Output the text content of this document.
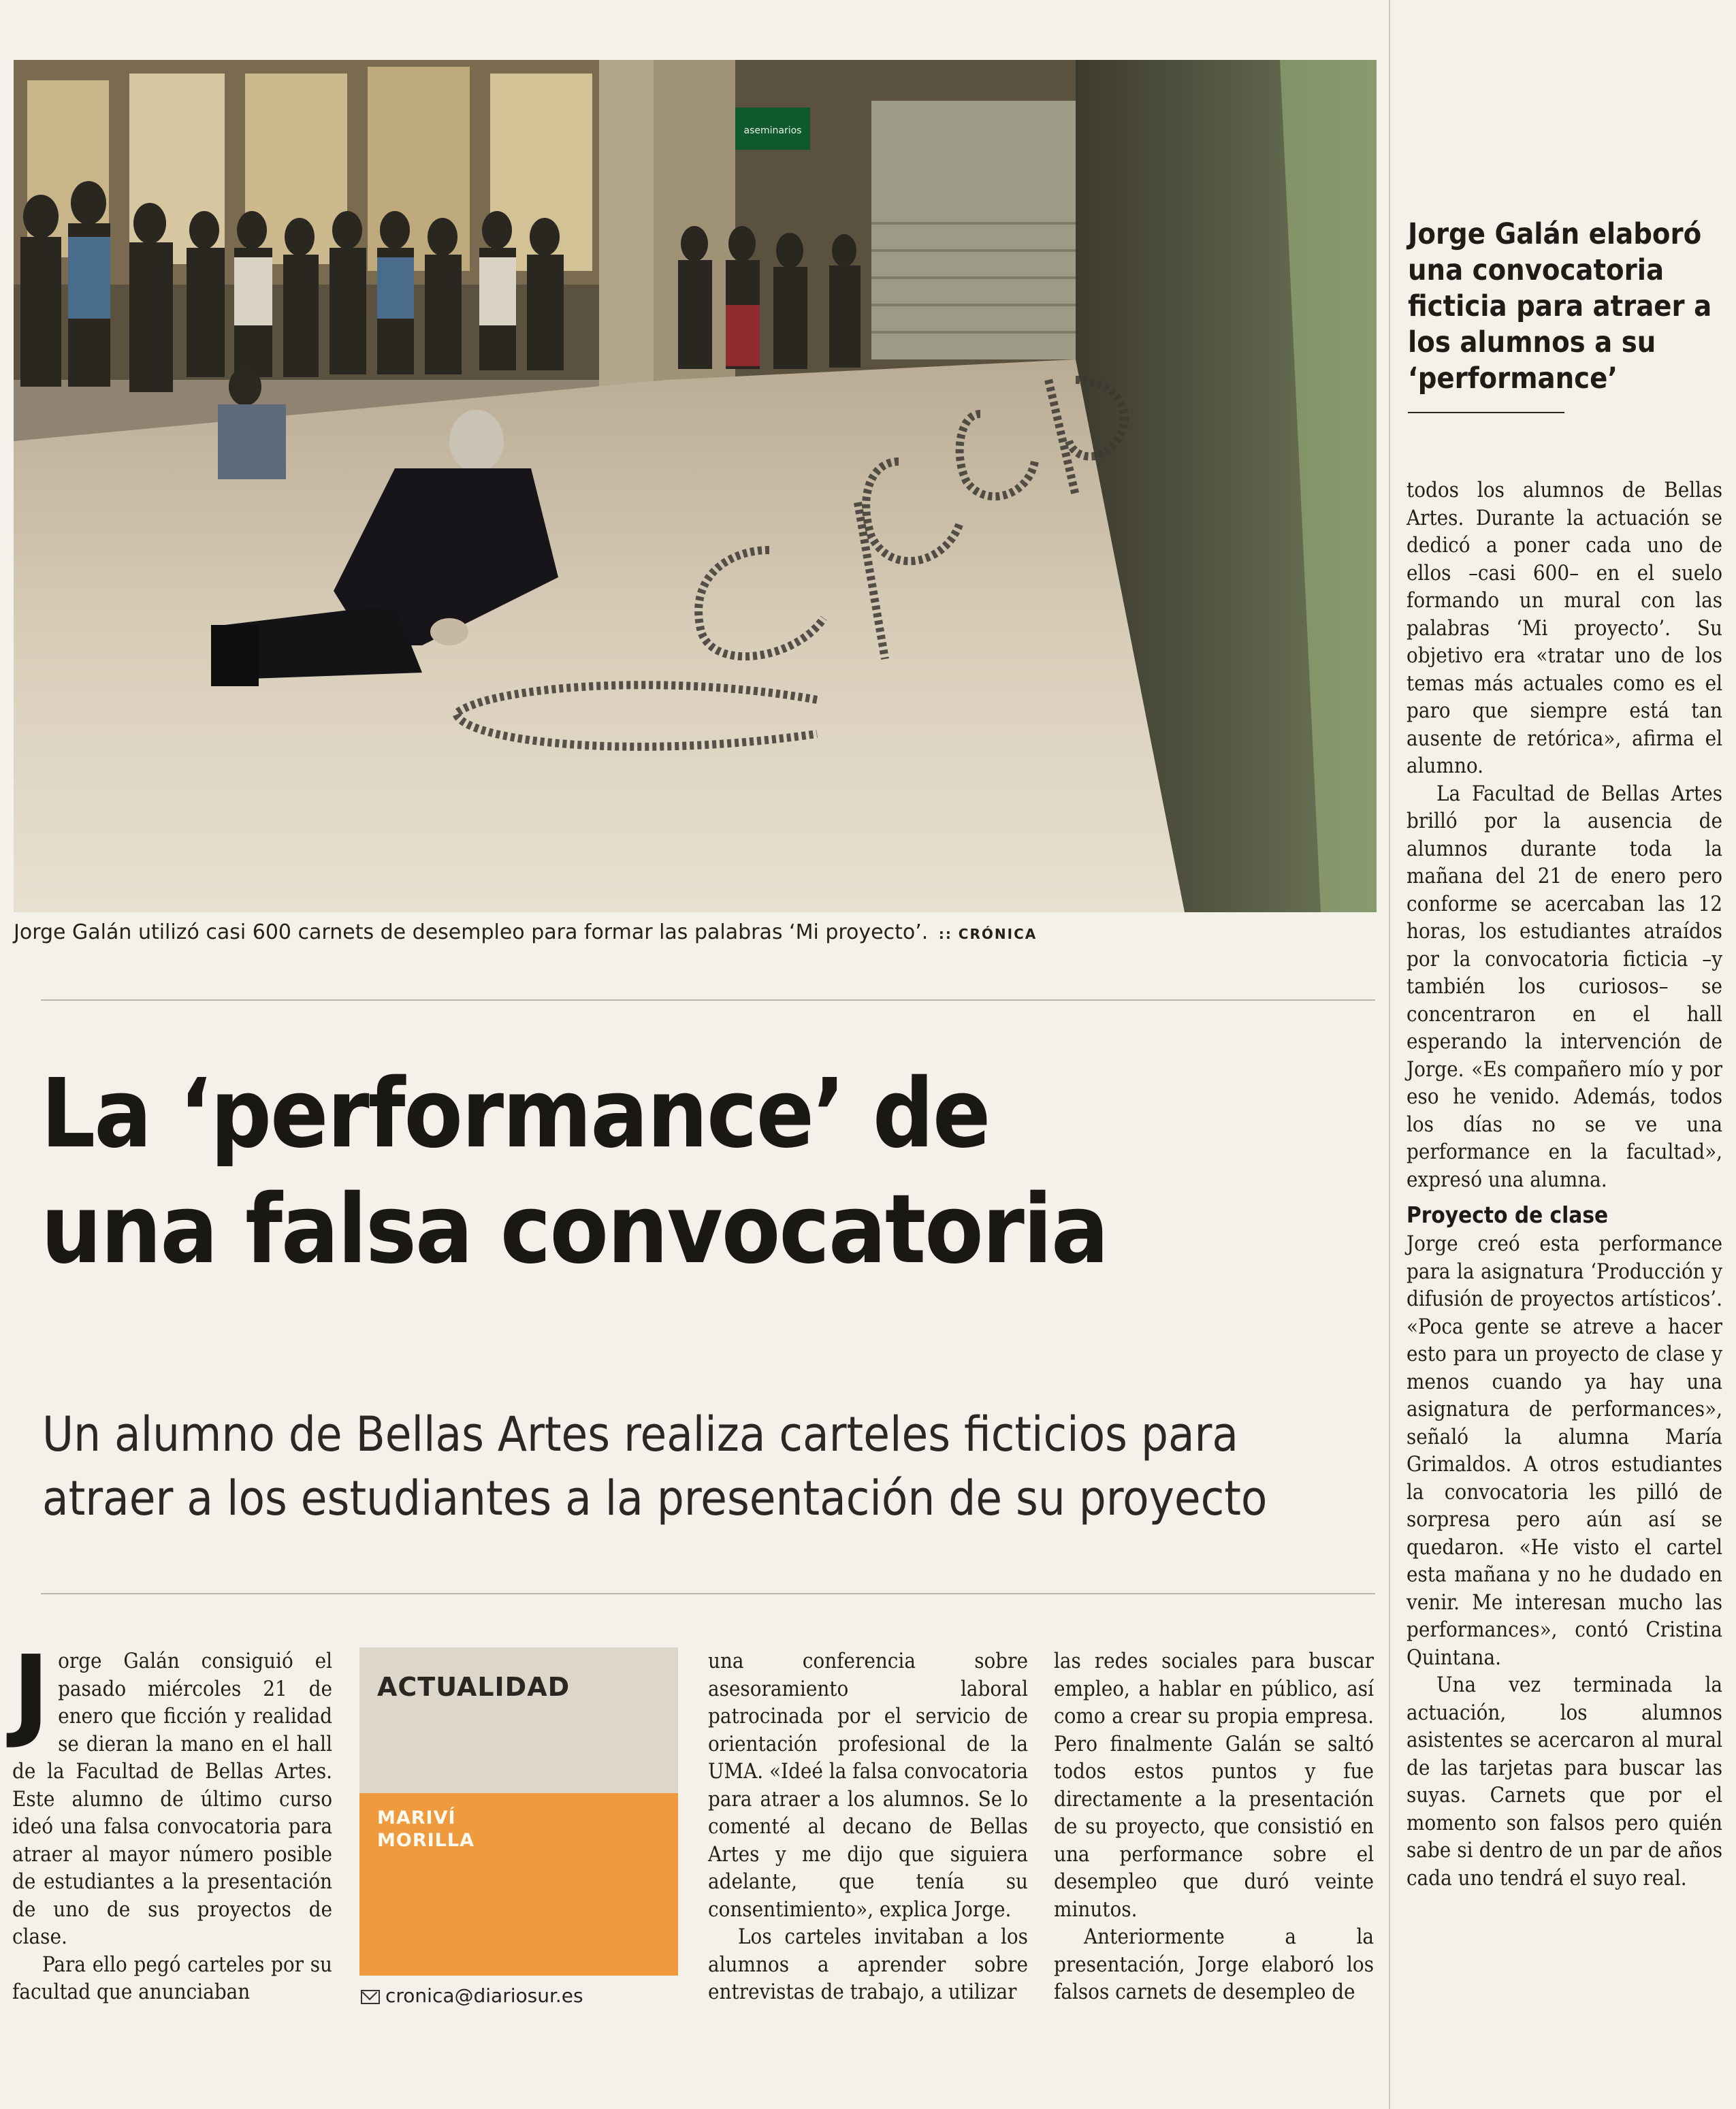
aseminarios
Jorge Galán utilizó casi 600 carnets de desempleo para formar las palabras ‘Mi proyecto’. :: CRÓNICA
Jorge Galán elaboró una convocatoria ficticia para atraer a los alumnos a su ‘performance’
La ‘performance’ de
una falsa convocatoria
Un alumno de Bellas Artes realiza carteles ficticios para
atraer a los estudiantes a la presentación de su proyecto

Jorge Galán consiguió el pasado miércoles 21 de enero que ficción y realidad se dieran la mano en el hall de la Facultad de Bellas Artes. Este alumno de último curso ideó una falsa convocatoria para atraer al mayor número posible de estudiantes a la presentación de uno de sus proyectos de clase.

Para ello pegó carteles por su facultad que anunciaban

ACTUALIDAD
MARIVÍ
MORILLA
cronica@diariosur.es

una conferencia sobre asesoramiento laboral patrocinada por el servicio de orientación profesional de la UMA. «Ideé la falsa convocatoria para atraer a los alumnos. Se lo comenté al decano de Bellas Artes y me dijo que siguiera adelante, que tenía su consentimiento», explica Jorge.

Los carteles invitaban a los alumnos a aprender sobre entrevistas de trabajo, a utilizar

las redes sociales para buscar empleo, a hablar en público, así como a crear su propia empresa. Pero finalmente Galán se saltó todos estos puntos y fue directamente a la presentación de su proyecto, que consistió en una performance sobre el desempleo que duró veinte minutos.

Anteriormente a la presentación, Jorge elaboró los falsos carnets de desempleo de

todos los alumnos de Bellas Artes. Durante la actuación se dedicó a poner cada uno de ellos –casi 600– en el suelo formando un mural con las palabras ‘Mi proyecto’. Su objetivo era «tratar uno de los temas más actuales como es el paro que siempre está tan ausente de retórica», afirma el alumno.

La Facultad de Bellas Artes brilló por la ausencia de alumnos durante toda la mañana del 21 de enero pero conforme se acercaban las 12 horas, los estudiantes atraídos por la convocatoria ficticia –y también los curiosos– se concentraron en el hall esperando la intervención de Jorge. «Es compañero mío y por eso he venido. Además, todos los días no se ve una performance en la facultad», expresó una alumna.

Proyecto de clase

Jorge creó esta performance para la asignatura ‘Producción y difusión de proyectos artísticos’. «Poca gente se atreve a hacer esto para un proyecto de clase y menos cuando ya hay una asignatura de performances», señaló la alumna María Grimaldos. A otros estudiantes la convocatoria les pilló de sorpresa pero aún así se quedaron. «He visto el cartel esta mañana y no he dudado en venir. Me interesan mucho las performances», contó Cristina Quintana.

Una vez terminada la actuación, los alumnos asistentes se acercaron al mural de las tarjetas para buscar las suyas. Carnets que por el momento son falsos pero quién sabe si dentro de un par de años cada uno tendrá el suyo real.
